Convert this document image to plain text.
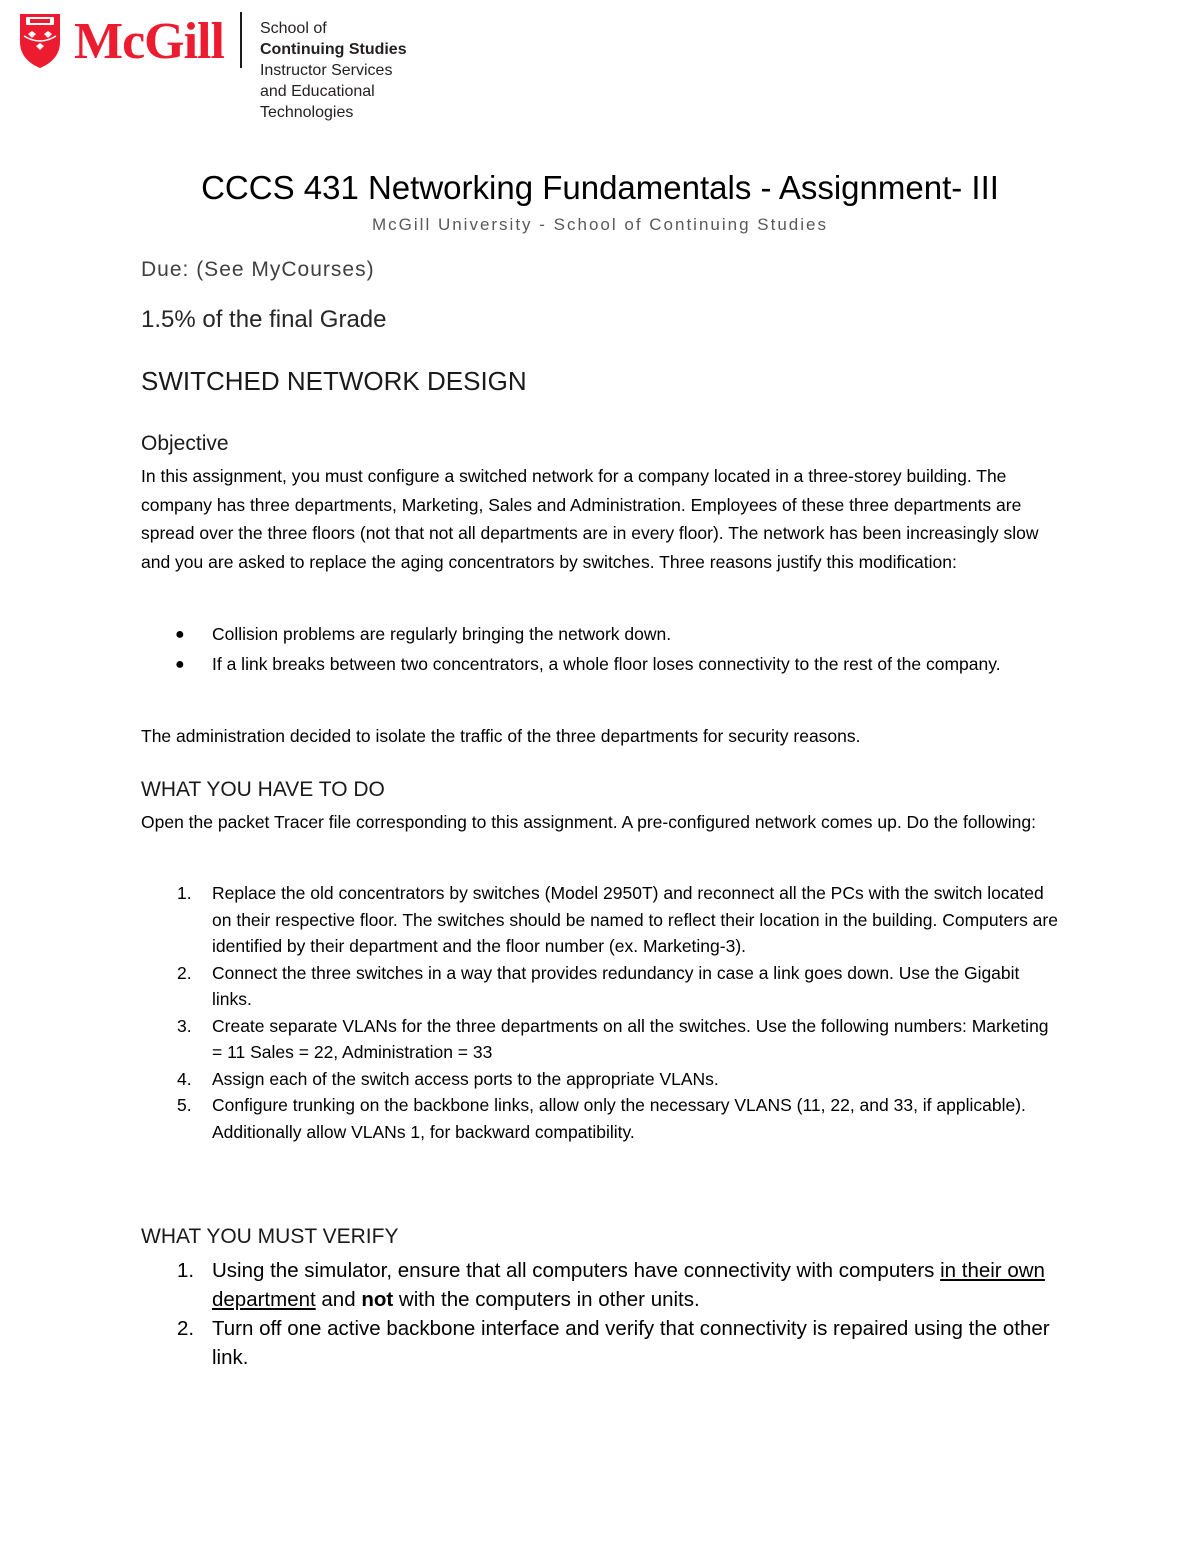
McGill School of
Continuing Studies
Instructor Services
and Educational
Technologies
CCCS 431 Networking Fundamentals - Assignment- III
McGill University - School of Continuing Studies
Due: (See MyCourses)
1.5% of the final Grade
SWITCHED NETWORK DESIGN
Objective
In this assignment, you must configure a switched network for a company located in a three-storey building. The company has three departments, Marketing, Sales and Administration. Employees of these three departments are spread over the three floors (not that not all departments are in every floor). The network has been increasingly slow and you are asked to replace the aging concentrators by switches. Three reasons justify this modification:
● Collision problems are regularly bringing the network down.
● If a link breaks between two concentrators, a whole floor loses connectivity to the rest of the company.
The administration decided to isolate the traffic of the three departments for security reasons.
WHAT YOU HAVE TO DO
Open the packet Tracer file corresponding to this assignment. A pre-configured network comes up. Do the following:
1. Replace the old concentrators by switches (Model 2950T) and reconnect all the PCs with the switch located on their respective floor. The switches should be named to reflect their location in the building. Computers are identified by their department and the floor number (ex. Marketing-3).
2. Connect the three switches in a way that provides redundancy in case a link goes down. Use the Gigabit links.
3. Create separate VLANs for the three departments on all the switches. Use the following numbers: Marketing = 11 Sales = 22, Administration = 33
4. Assign each of the switch access ports to the appropriate VLANs.
5. Configure trunking on the backbone links, allow only the necessary VLANS (11, 22, and 33, if applicable). Additionally allow VLANs 1, for backward compatibility.
WHAT YOU MUST VERIFY
1. Using the simulator, ensure that all computers have connectivity with computers in their own department and not with the computers in other units.
2. Turn off one active backbone interface and verify that connectivity is repaired using the other link.
